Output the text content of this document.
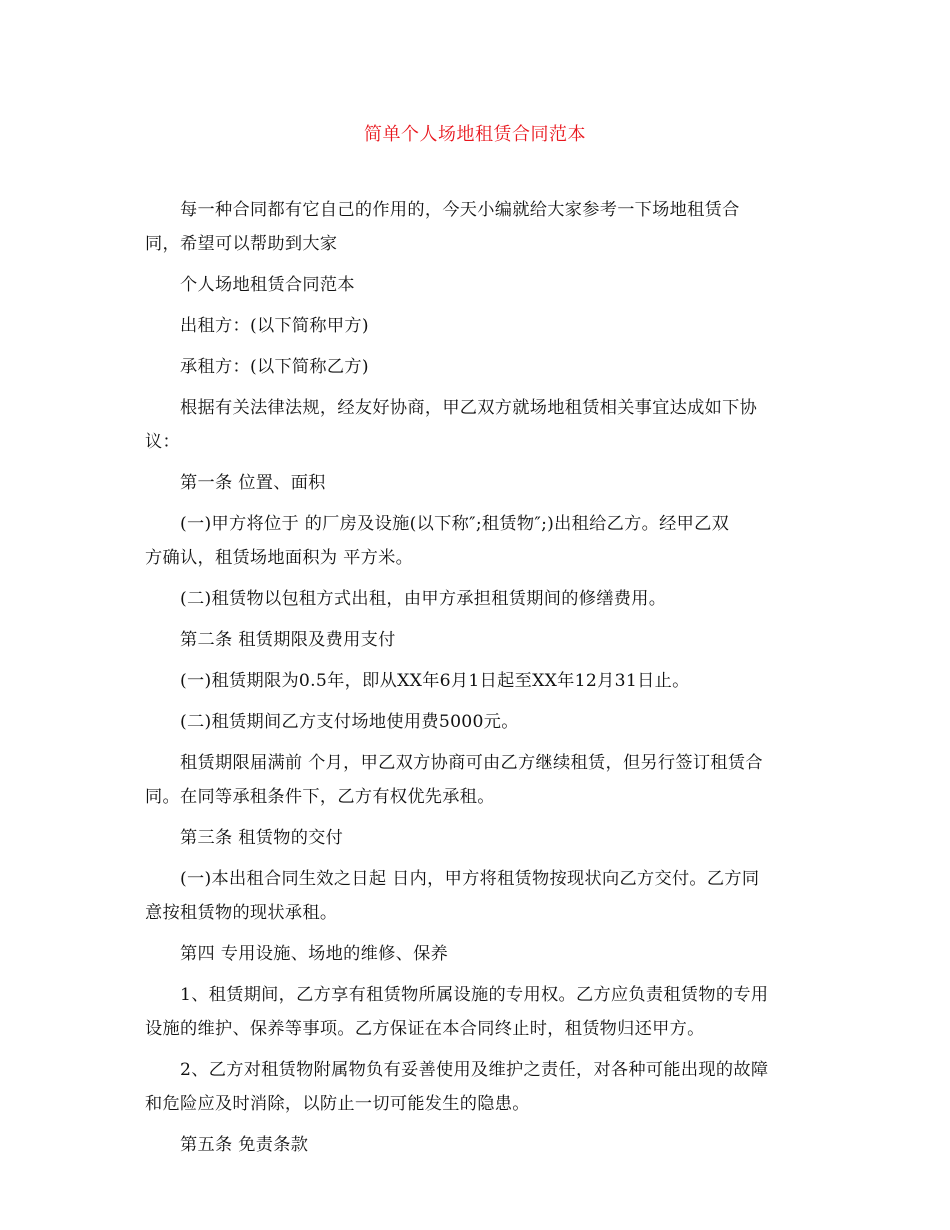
简单个人场地租赁合同范本

每一种合同都有它自己的作用的，今天小编就给大家参考一下场地租赁合
同，希望可以帮助到大家

个人场地租赁合同范本

出租方：(以下简称甲方)

承租方：(以下简称乙方)

根据有关法律法规，经友好协商，甲乙双方就场地租赁相关事宜达成如下协
议：

第一条 位置、面积

(一)甲方将位于 的厂房及设施(以下称″;租赁物″;)出租给乙方。经甲乙双
方确认，租赁场地面积为 平方米。

(二)租赁物以包租方式出租，由甲方承担租赁期间的修缮费用。

第二条 租赁期限及费用支付

(一)租赁期限为0.5年，即从XX年6月1日起至XX年12月31日止。

(二)租赁期间乙方支付场地使用费5000元。

租赁期限届满前 个月，甲乙双方协商可由乙方继续租赁，但另行签订租赁合
同。在同等承租条件下，乙方有权优先承租。

第三条 租赁物的交付

(一)本出租合同生效之日起 日内，甲方将租赁物按现状向乙方交付。乙方同
意按租赁物的现状承租。

第四 专用设施、场地的维修、保养

1、租赁期间，乙方享有租赁物所属设施的专用权。乙方应负责租赁物的专用
设施的维护、保养等事项。乙方保证在本合同终止时，租赁物归还甲方。

2、乙方对租赁物附属物负有妥善使用及维护之责任，对各种可能出现的故障
和危险应及时消除，以防止一切可能发生的隐患。

第五条 免责条款
